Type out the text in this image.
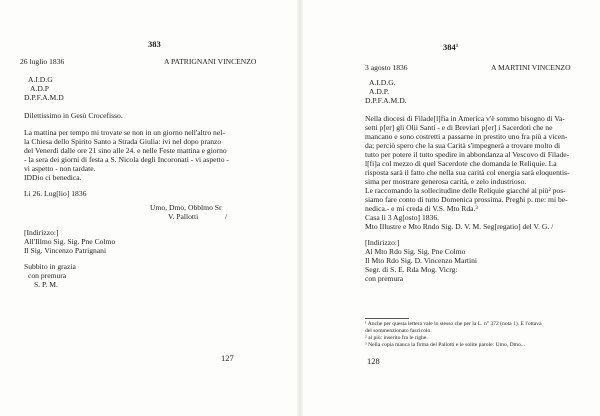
383
26 luglio 1836	A PATRIGNANI VINCENZO
A.I.D.G
A.D.P
D.P.F.A.M.D
Dilettissimo in Gesù Crocefisso.
La mattina per tempo mi trovate se non in un giorno nell'altro nel-
la Chiesa dello Spirito Santo a Strada Giulia: ivi nel dopo pranzo
del Venerdì dalle ore 21 sino alle 24. e nelle Feste mattina e giorno
- la sera dei giorni di festa a S. Nicola degli Incoronati - vi aspetto -
vi aspetto - non tardate.
IDDio ci benedica.
Li 26. Lug[lio] 1836
Umo, Dmo, Obblmo Sr
V. Pallotti	/
[Indirizzo:]
All'Illmo Sig. Sig. Pne Colmo
Il Sig. Vincenzo Patrignani
Subbito in grazia
con premura
S. P. M.
127
$384^1$
3 agosto 1836	A MARTINI VINCENZO
A.I.D.G.
A.D.P.
D.P.F.A.M.D.
Nella diocesi di Filade[l]fia in America v'è sommo bisogno di Va-
setti p[er] gli Olii Santi - e di Breviari p[er] i Sacerdoti che ne
mancano e sono costretti a passarne in prestito uno fra più a vicen-
da; perciò spero che la sua Carità s'impegnerà a trovare molto di
tutto per potere il tutto spedire in abbondanza al Vescovo di Filade-
l[fi]a col mezzo di quel Sacerdote che domanda le Reliquie. La
risposta sarà il fatto che nella sua carità col energia sarà eloquentis-
sima per mostrare generosa carità, e zelo industrioso.
Le raccomando la sollecitudine delle Reliquie giacché al più² pos-
siamo fare conto di tutto Domenica prossima. Preghi p. me: mi be-
nedica.- e mi creda di V.S. Mto Rda.³
Casa li 3 Ag[osto] 1836.
Mto Illustre e Mto Rndo Sig. D. V. M. Seg[regatio] del V. G. /
[Indirizzo:]
Al Mto Rdo Sig. Sig. Pne Colmo
Il Mto Rdo Sig. D. Vincenzo Martini
Segr. di S. E. Rda Mog. Vicrg:
con premura
¹ Anche per questa lettera vale lo stesso che per la L. n° 372 (nota 1). E l'ottava
del sommenzionato fascicolo.
² al più: inserito fra le righe.
³ Nella copia manca la firma del Pallotti e le solite parole: Umo, Dmo...
128
